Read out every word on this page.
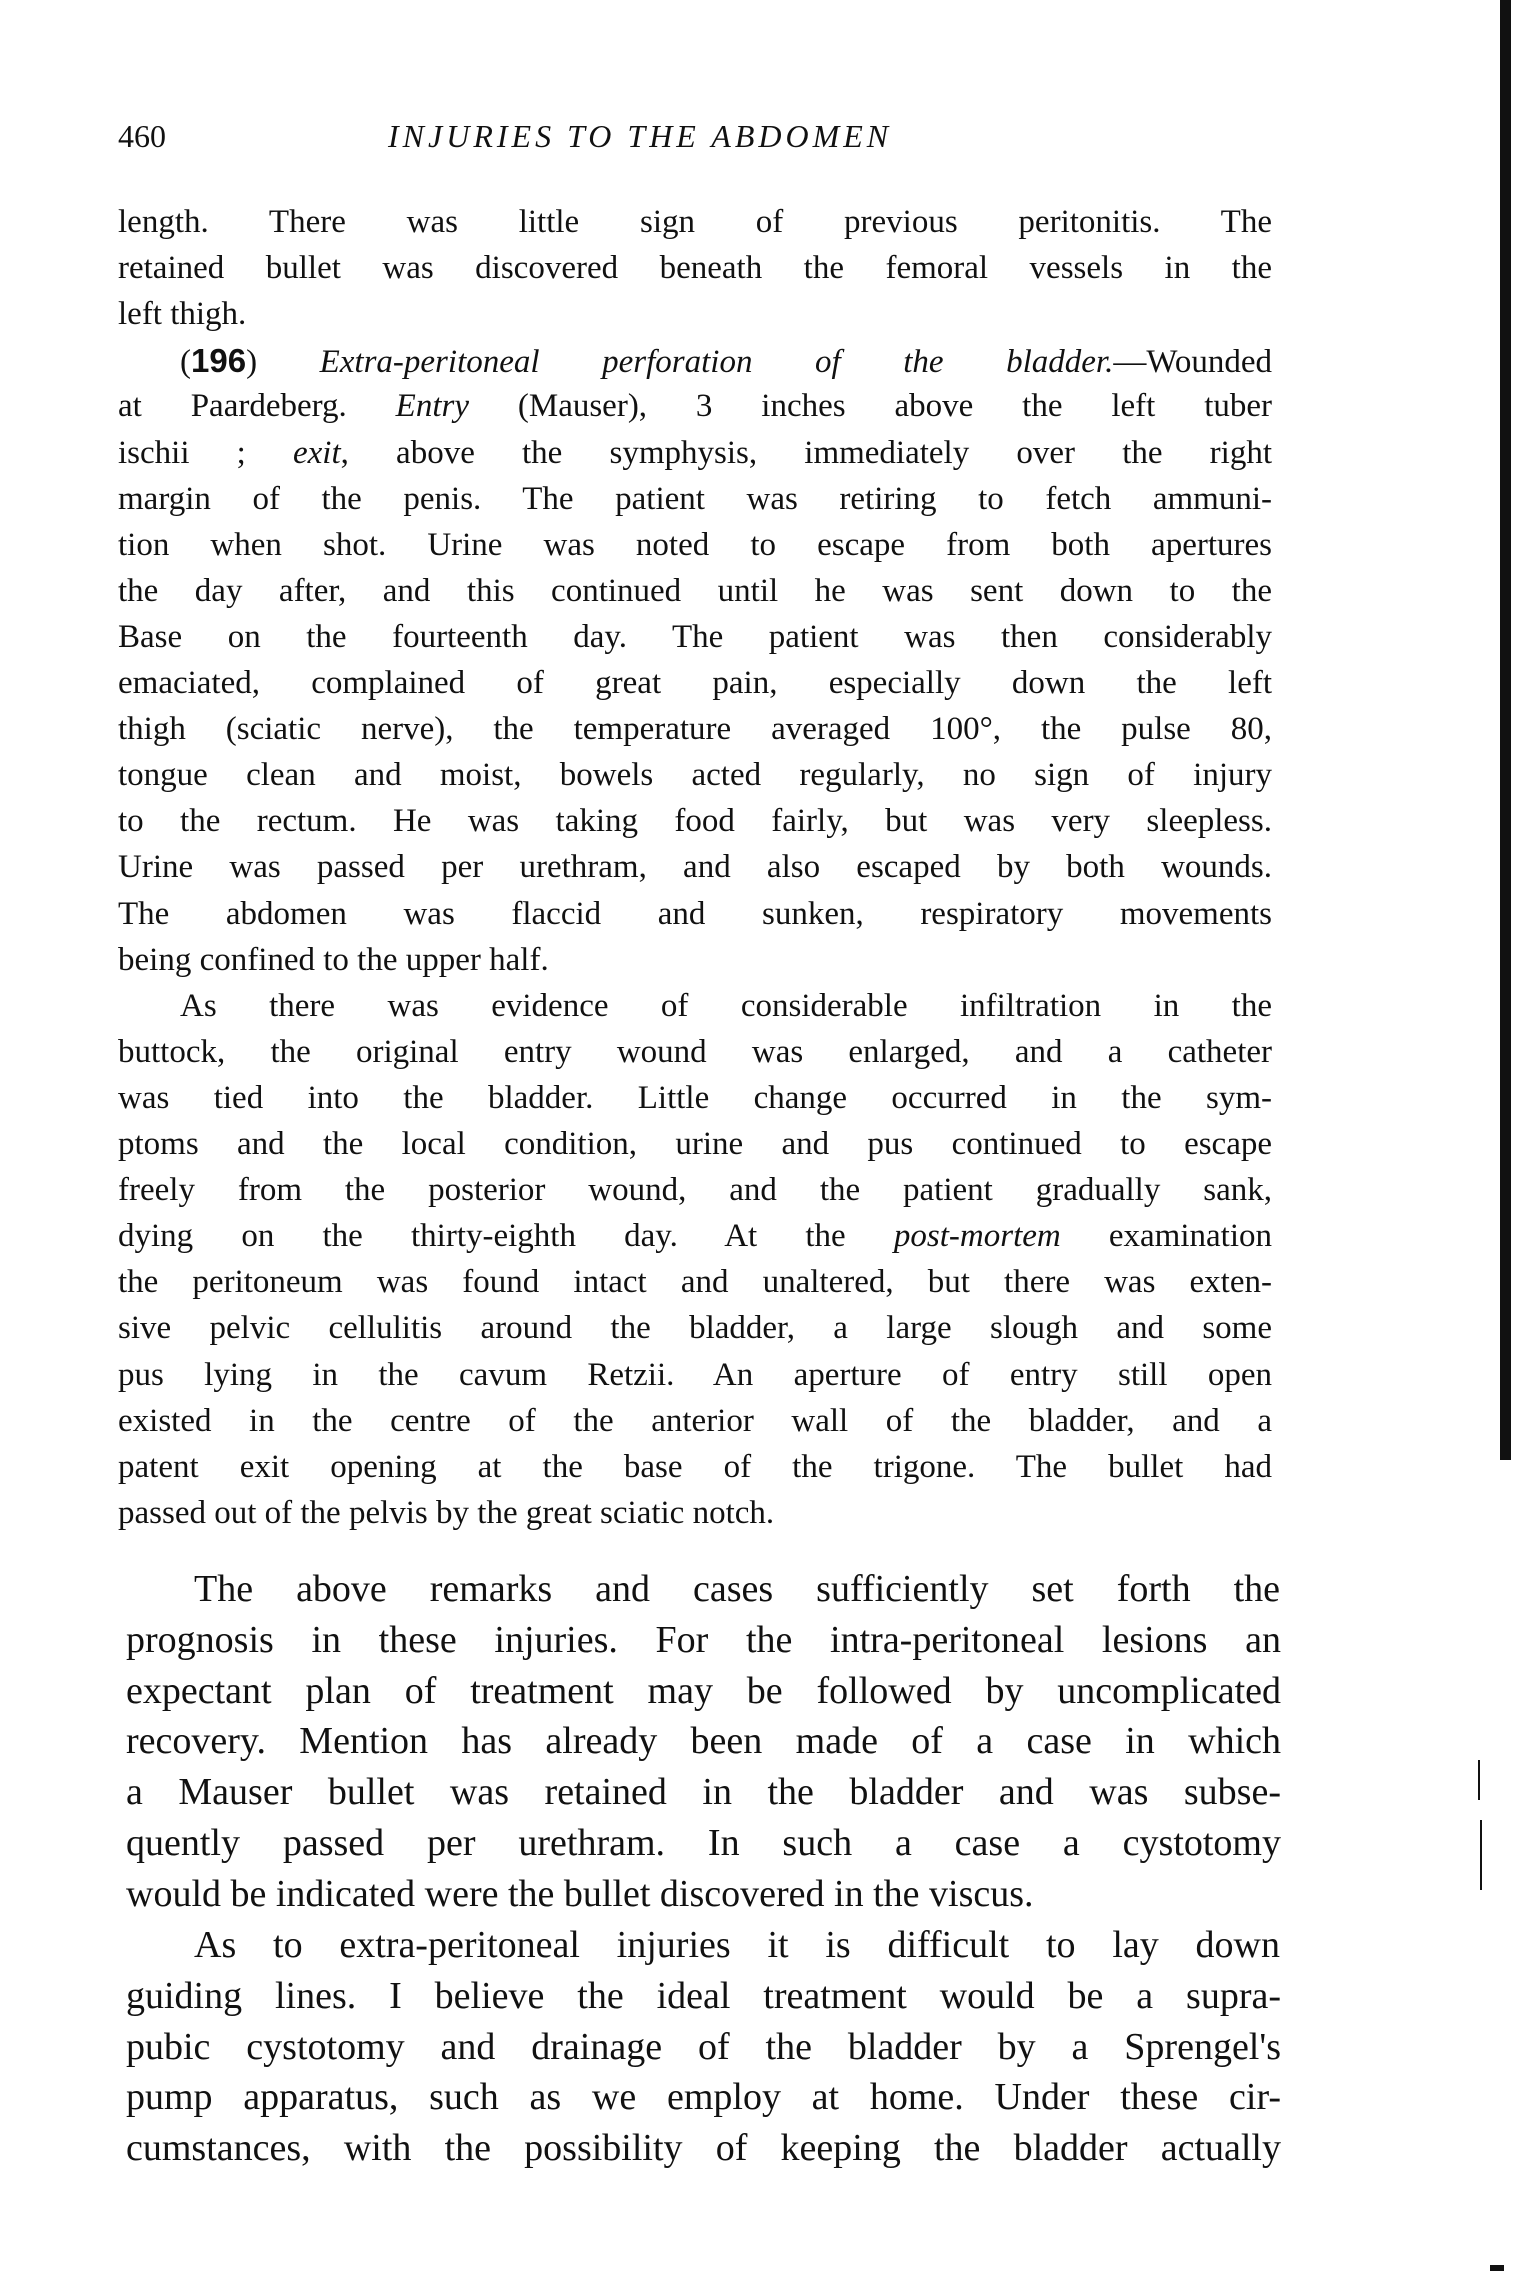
460	INJURIES TO THE ABDOMEN
length. There was little sign of previous peritonitis. The
retained bullet was discovered beneath the femoral vessels in the
left thigh.
(196) Extra-peritoneal perforation of the bladder.—Wounded
at Paardeberg. Entry (Mauser), 3 inches above the left tuber
ischii ; exit, above the symphysis, immediately over the right
margin of the penis. The patient was retiring to fetch ammuni-
tion when shot. Urine was noted to escape from both apertures
the day after, and this continued until he was sent down to the
Base on the fourteenth day. The patient was then considerably
emaciated, complained of great pain, especially down the left
thigh (sciatic nerve), the temperature averaged 100°, the pulse 80,
tongue clean and moist, bowels acted regularly, no sign of injury
to the rectum. He was taking food fairly, but was very sleepless.
Urine was passed per urethram, and also escaped by both wounds.
The abdomen was flaccid and sunken, respiratory movements
being confined to the upper half.
As there was evidence of considerable infiltration in the
buttock, the original entry wound was enlarged, and a catheter
was tied into the bladder. Little change occurred in the sym-
ptoms and the local condition, urine and pus continued to escape
freely from the posterior wound, and the patient gradually sank,
dying on the thirty-eighth day. At the post-mortem examination
the peritoneum was found intact and unaltered, but there was exten-
sive pelvic cellulitis around the bladder, a large slough and some
pus lying in the cavum Retzii. An aperture of entry still open
existed in the centre of the anterior wall of the bladder, and a
patent exit opening at the base of the trigone. The bullet had
passed out of the pelvis by the great sciatic notch.
The above remarks and cases sufficiently set forth the
prognosis in these injuries. For the intra-peritoneal lesions an
expectant plan of treatment may be followed by uncomplicated
recovery. Mention has already been made of a case in which
a Mauser bullet was retained in the bladder and was subse-
quently passed per urethram. In such a case a cystotomy
would be indicated were the bullet discovered in the viscus.
As to extra-peritoneal injuries it is difficult to lay down
guiding lines. I believe the ideal treatment would be a supra-
pubic cystotomy and drainage of the bladder by a Sprengel's
pump apparatus, such as we employ at home. Under these cir-
cumstances, with the possibility of keeping the bladder actually
